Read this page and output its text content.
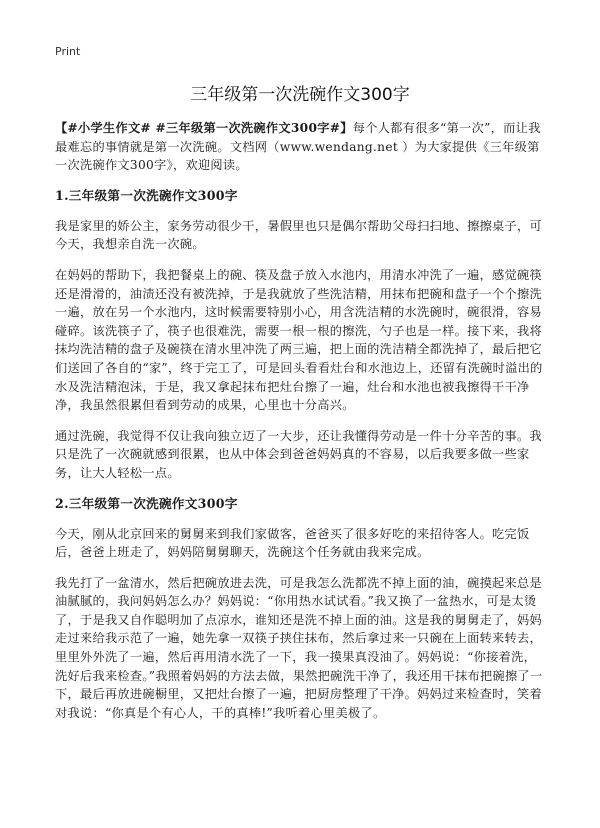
Print
三年级第一次洗碗作文300字

【#小学生作文# #三年级第一次洗碗作文300字#】每个人都有很多“第一次”，而让我最难忘的事情就是第一次洗碗。文档网（www.wendang.net ）为大家提供《三年级第一次洗碗作文300字》，欢迎阅读。

1.三年级第一次洗碗作文300字

我是家里的娇公主，家务劳动很少干，暑假里也只是偶尔帮助父母扫扫地、擦擦桌子，可今天，我想亲自洗一次碗。

在妈妈的帮助下，我把餐桌上的碗、筷及盘子放入水池内，用清水冲洗了一遍，感觉碗筷还是滑滑的，油渍还没有被洗掉，于是我就放了些洗洁精，用抹布把碗和盘子一个个擦洗一遍，放在另一个水池内，这时候需要特别小心，用含洗洁精的水洗碗时，碗很滑，容易碰碎。该洗筷子了，筷子也很难洗，需要一根一根的擦洗，勺子也是一样。接下来，我将抹均洗洁精的盘子及碗筷在清水里冲洗了两三遍，把上面的洗洁精全都洗掉了，最后把它们送回了各自的“家”，终于完工了，可是回头看看灶台和水池边上，还留有洗碗时溢出的水及洗洁精泡沫，于是，我又拿起抹布把灶台擦了一遍，灶台和水池也被我擦得干干净净，我虽然很累但看到劳动的成果，心里也十分高兴。

通过洗碗，我觉得不仅让我向独立迈了一大步，还让我懂得劳动是一件十分辛苦的事。我只是洗了一次碗就感到很累，也从中体会到爸爸妈妈真的不容易，以后我要多做一些家务，让大人轻松一点。

2.三年级第一次洗碗作文300字

今天，刚从北京回来的舅舅来到我们家做客，爸爸买了很多好吃的来招待客人。吃完饭后，爸爸上班走了，妈妈陪舅舅聊天，洗碗这个任务就由我来完成。

我先打了一盆清水，然后把碗放进去洗，可是我怎么洗都洗不掉上面的油，碗摸起来总是油腻腻的，我问妈妈怎么办？妈妈说：“你用热水试试看。”我又换了一盆热水，可是太烫了，于是我又自作聪明加了点凉水，谁知还是洗不掉上面的油。这是我的舅舅走了，妈妈走过来给我示范了一遍，她先拿一双筷子挟住抹布，然后拿过来一只碗在上面转来转去，里里外外洗了一遍，然后再用清水洗了一下，我一摸果真没油了。妈妈说：“你接着洗，洗好后我来检查。”我照着妈妈的方法去做，果然把碗洗干净了，我还用干抹布把碗擦了一下，最后再放进碗橱里，又把灶台擦了一遍，把厨房整理了干净。妈妈过来检查时，笑着对我说：“你真是个有心人，干的真棒!”我听着心里美极了。
